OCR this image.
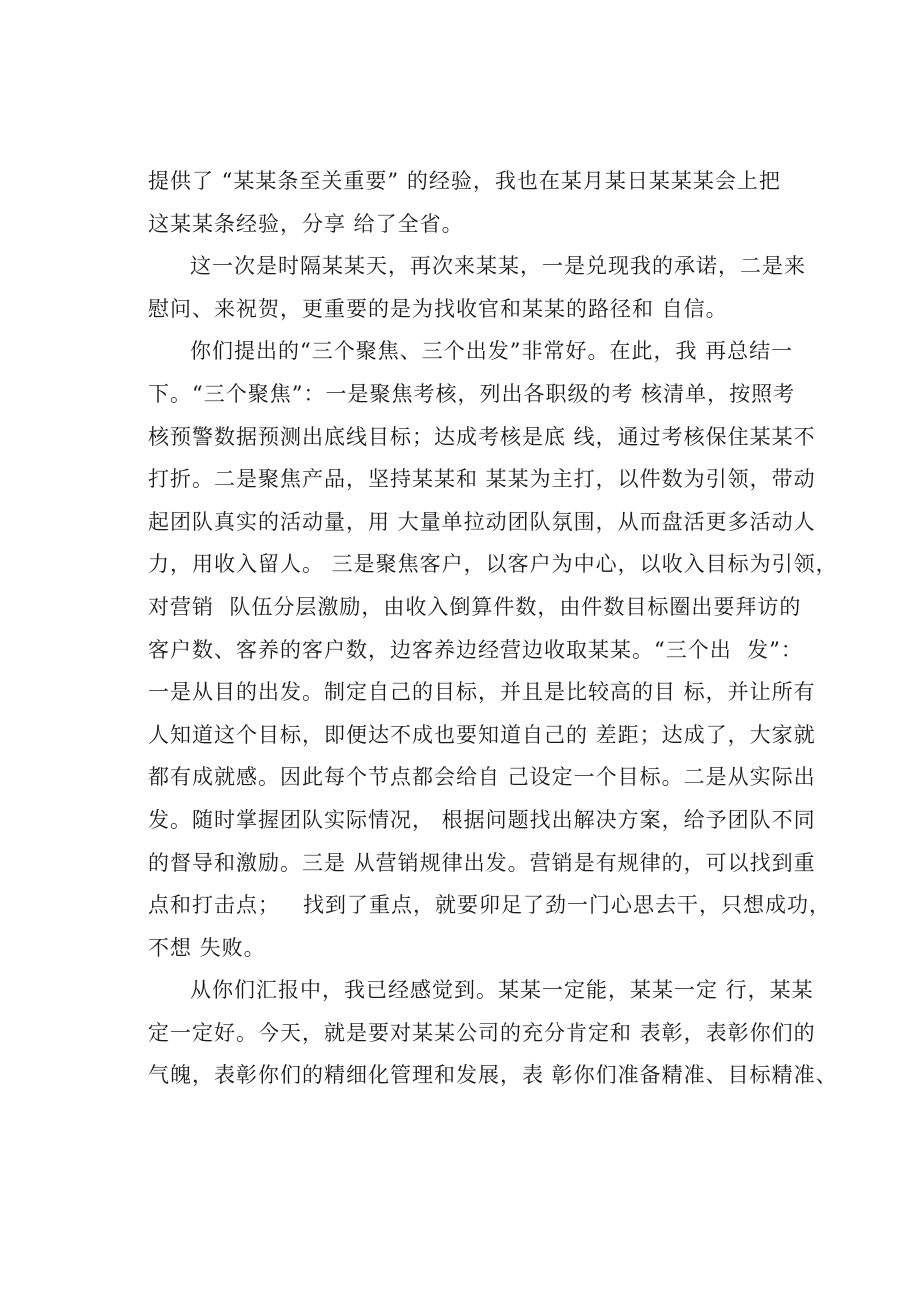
提供了 “某某条至关重要” 的经验，我也在某月某日某某某会上把
这某某条经验，分享 给了全省。
这一次是时隔某某天，再次来某某，一是兑现我的承诺，二是来
慰问、来祝贺，更重要的是为找收官和某某的路径和 自信。
你们提出的“三个聚焦、三个出发”非常好。在此，我 再总结一
下。“三个聚焦”：一是聚焦考核，列出各职级的考 核清单，按照考
核预警数据预测出底线目标；达成考核是底 线，通过考核保住某某不
打折。二是聚焦产品，坚持某某和 某某为主打，以件数为引领，带动
起团队真实的活动量，用 大量单拉动团队氛围，从而盘活更多活动人
力，用收入留人。 三是聚焦客户，以客户为中心，以收入目标为引领，
对营销  队伍分层激励，由收入倒算件数，由件数目标圈出要拜访的
客户数、客养的客户数，边客养边经营边收取某某。“三个出  发”：
一是从目的出发。制定自己的目标，并且是比较高的目 标，并让所有
人知道这个目标，即便达不成也要知道自己的 差距；达成了，大家就
都有成就感。因此每个节点都会给自 己设定一个目标。二是从实际出
发。随时掌握团队实际情况， 根据问题找出解决方案，给予团队不同
的督导和激励。三是 从营销规律出发。营销是有规律的，可以找到重
点和打击点；   找到了重点，就要卯足了劲一门心思去干，只想成功，
不想 失败。
从你们汇报中，我已经感觉到。某某一定能，某某一定 行，某某
定一定好。今天，就是要对某某公司的充分肯定和 表彰，表彰你们的
气魄，表彰你们的精细化管理和发展，表 彰你们准备精准、目标精准、
